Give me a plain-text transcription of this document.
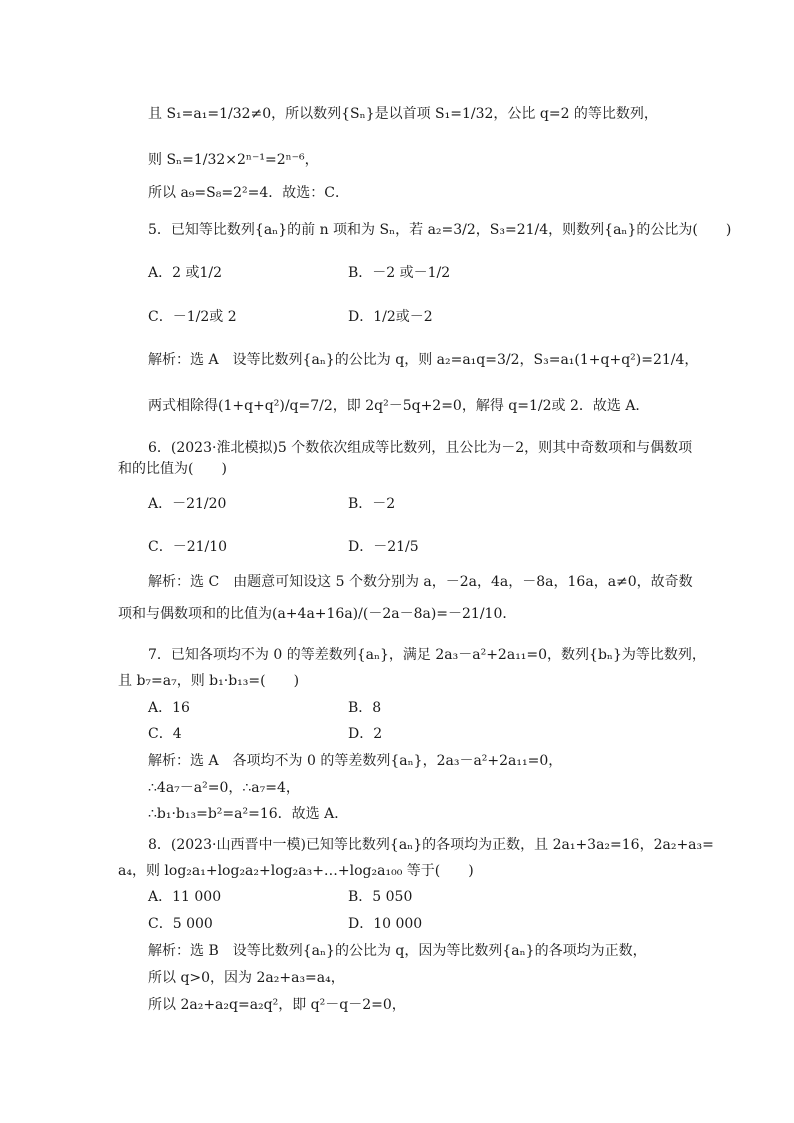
且 S₁=a₁=1/32≠0，所以数列{Sₙ}是以首项 S₁=1/32，公比 q=2 的等比数列，
则 Sₙ=1/32×2ⁿ⁻¹=2ⁿ⁻⁶，
所以 a₉=S₈=2²=4．故选：C．
5．已知等比数列{aₙ}的前 n 项和为 Sₙ，若 a₂=3/2，S₃=21/4，则数列{aₙ}的公比为(　　)
A．2 或1/2	B．－2 或－1/2
C．－1/2或 2	D．1/2或－2
解析：选 A　设等比数列{aₙ}的公比为 q，则 a₂=a₁q=3/2，S₃=a₁(1+q+q²)=21/4，
两式相除得(1+q+q²)/q=7/2，即 2q²－5q+2=0，解得 q=1/2或 2．故选 A．
6．(2023·淮北模拟)5 个数依次组成等比数列，且公比为－2，则其中奇数项和与偶数项
和的比值为(　　)
A．－21/20	B．－2
C．－21/10	D．－21/5
解析：选 C　由题意可知设这 5 个数分别为 a，－2a，4a，－8a，16a，a≠0，故奇数
项和与偶数项和的比值为(a+4a+16a)/(－2a－8a)=－21/10．
7．已知各项均不为 0 的等差数列{aₙ}，满足 2a₃－a²+2a₁₁=0，数列{bₙ}为等比数列，
且 b₇=a₇，则 b₁·b₁₃=(　　)
A．16	B．8
C．4	D．2
解析：选 A　各项均不为 0 的等差数列{aₙ}，2a₃－a²+2a₁₁=0，
∴4a₇－a²=0，∴a₇=4，
∴b₁·b₁₃=b²=a²=16．故选 A．
8．(2023·山西晋中一模)已知等比数列{aₙ}的各项均为正数，且 2a₁+3a₂=16，2a₂+a₃=
a₄，则 log₂a₁+log₂a₂+log₂a₃+…+log₂a₁₀₀ 等于(　　)
A．11 000	B．5 050
C．5 000	D．10 000
解析：选 B　设等比数列{aₙ}的公比为 q，因为等比数列{aₙ}的各项均为正数，
所以 q>0，因为 2a₂+a₃=a₄，
所以 2a₂+a₂q=a₂q²，即 q²－q－2=0，
